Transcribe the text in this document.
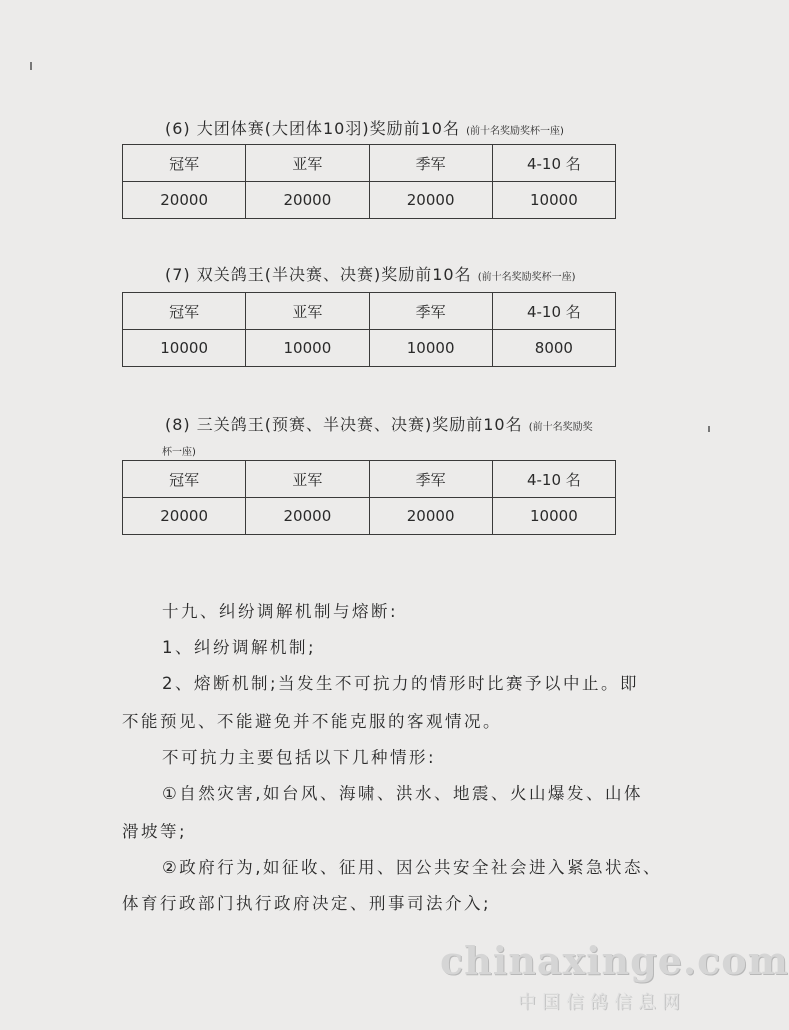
(6) 大团体赛(大团体10羽)奖励前10名 (前十名奖励奖杯一座)
冠军	亚军	季军	4-10 名
20000	20000	20000	10000
(7) 双关鸽王(半决赛、决赛)奖励前10名 (前十名奖励奖杯一座)
冠军	亚军	季军	4-10 名
10000	10000	10000	8000
(8) 三关鸽王(预赛、半决赛、决赛)奖励前10名 (前十名奖励奖
杯一座)
冠军	亚军	季军	4-10 名
20000	20000	20000	10000
十九、纠纷调解机制与熔断:
1、纠纷调解机制;
2、熔断机制;当发生不可抗力的情形时比赛予以中止。即
不能预见、不能避免并不能克服的客观情况。
不可抗力主要包括以下几种情形:
①自然灾害,如台风、海啸、洪水、地震、火山爆发、山体
滑坡等;
②政府行为,如征收、征用、因公共安全社会进入紧急状态、
体育行政部门执行政府决定、刑事司法介入;
chinaxinge.com
中国信鸽信息网
